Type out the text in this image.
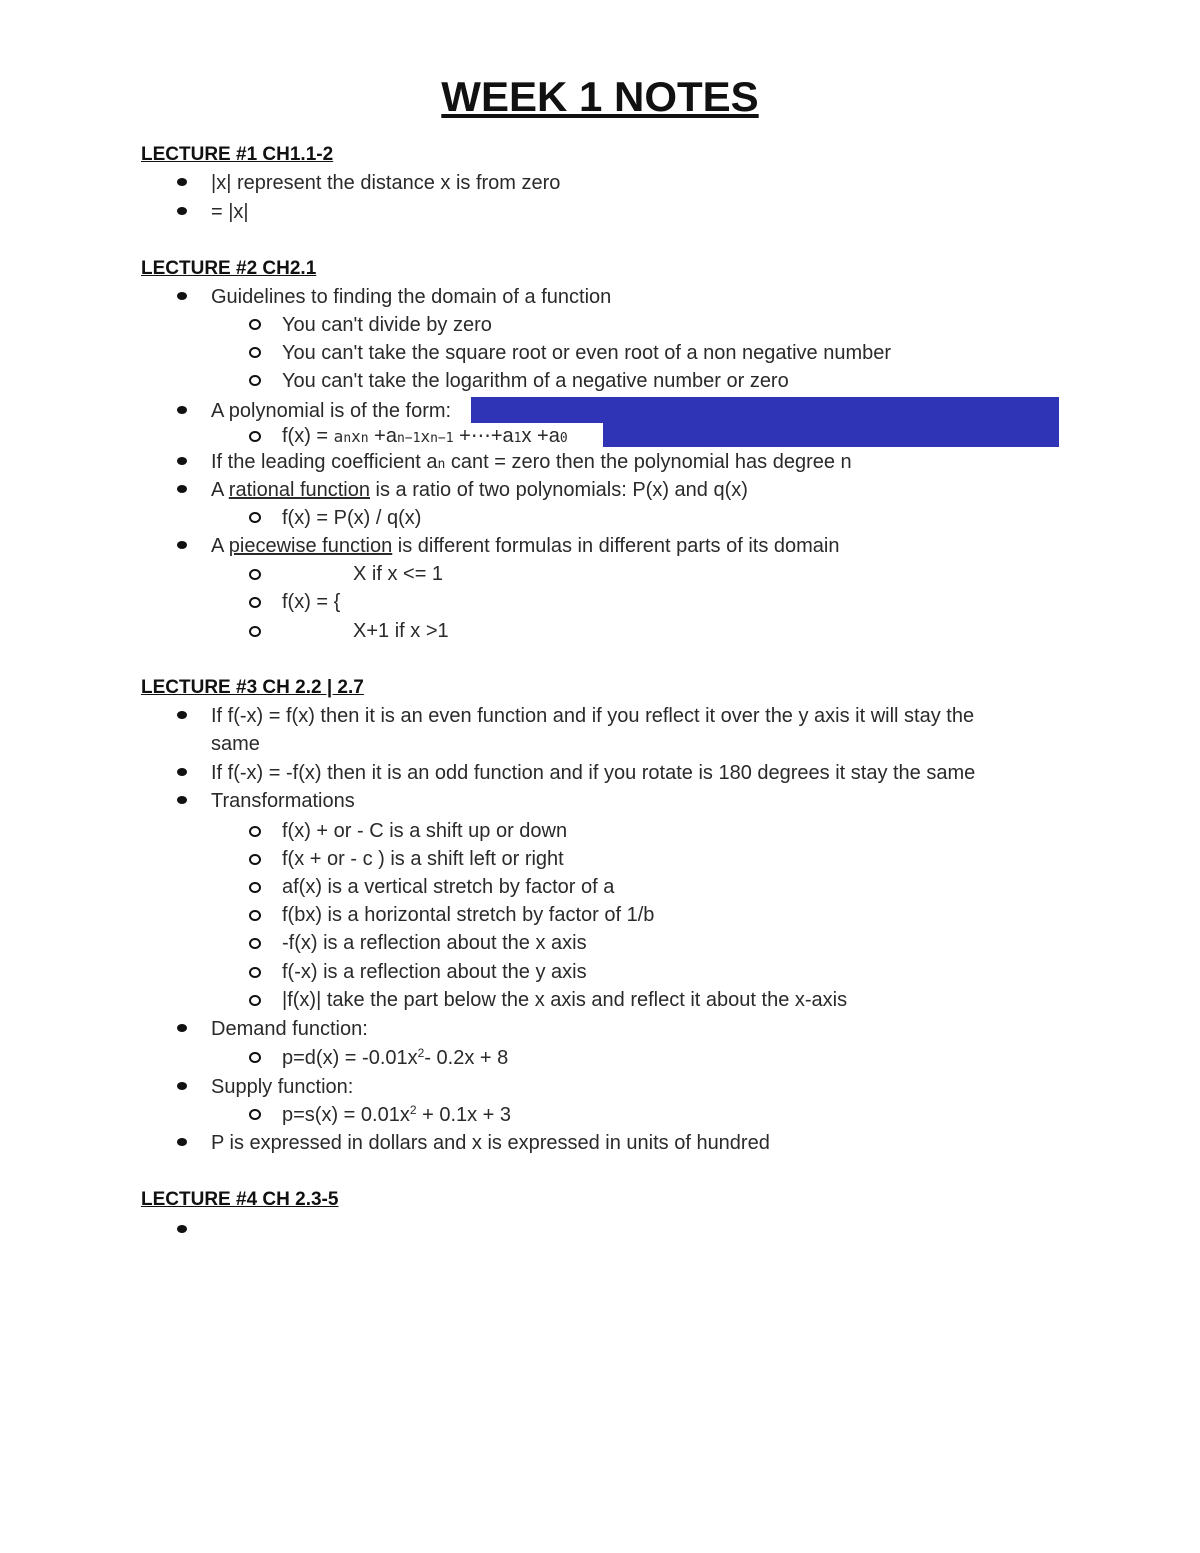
WEEK 1 NOTES
LECTURE #1 CH1.1-2
|x| represent the distance x is from zero
= |x|
LECTURE #2 CH2.1
Guidelines to finding the domain of a function
You can't divide by zero
You can't take the square root or even root of a non negative number
You can't take the logarithm of a negative number or zero
A polynomial is of the form:
f(x) = anxn +an−1xn−1 +⋯+a1x +a0
If the leading coefficient an cant = zero then the polynomial has degree n
A rational function is a ratio of two polynomials: P(x) and q(x)
f(x) = P(x) / q(x)
A piecewise function is different formulas in different parts of its domain
X if x <= 1
f(x) = {
X+1 if x >1
LECTURE #3 CH 2.2 | 2.7
If f(-x) = f(x) then it is an even function and if you reflect it over the y axis it will stay the
same
If f(-x) = -f(x) then it is an odd function and if you rotate is 180 degrees it stay the same
Transformations
f(x) + or - C is a shift up or down
f(x + or - c ) is a shift left or right
af(x) is a vertical stretch by factor of a
f(bx) is a horizontal stretch by factor of 1/b
-f(x) is a reflection about the x axis
f(-x) is a reflection about the y axis
|f(x)| take the part below the x axis and reflect it about the x-axis
Demand function:
$p=d(x) = -0.01x^2-$ 0.2x + 8
Supply function:
$p=s(x) = 0.01x^2 + 0.1x + 3$
P is expressed in dollars and x is expressed in units of hundred
LECTURE #4 CH 2.3-5
